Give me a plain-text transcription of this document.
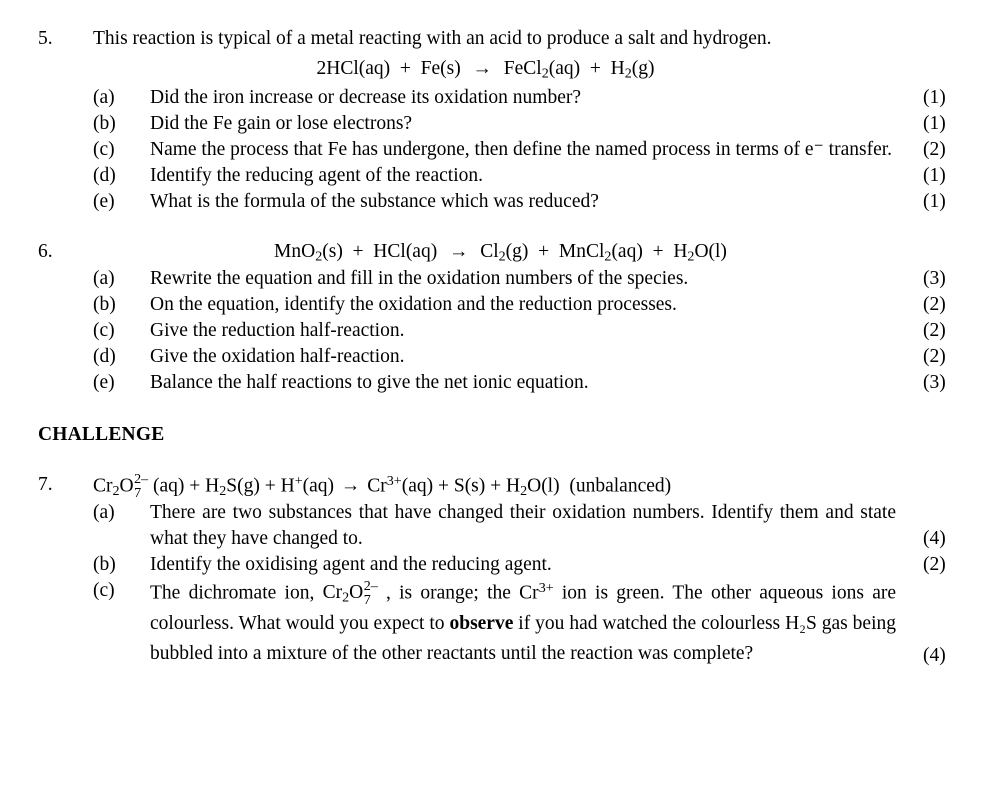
5.	This reaction is typical of a metal reacting with an acid to produce a salt and hydrogen.
2HCl(aq)  +  Fe(s)  →  FeCl$_2$(aq)  +  $H_2(g)$
(a)	Did the iron increase or decrease its oxidation number?	(1)
(b)	Did the Fe gain or lose electrons?	(1)
(c)	Name the process that Fe has undergone, then define the named process in terms of e⁻ transfer.	(2)
(d)	Identify the reducing agent of the reaction.	(1)
(e)	What is the formula of the substance which was reduced?	(1)
6.	$MnO_2(s) + HCl(aq) \to Cl_2(g)$  +  MnCl$_2$(aq)  +  $H_2O(l)$
(a)	Rewrite the equation and fill in the oxidation numbers of the species.	(3)
(b)	On the equation, identify the oxidation and the reduction processes.	(2)
(c)	Give the reduction half-reaction.	(2)
(d)	Give the oxidation half-reaction.	(2)
(e)	Balance the half reactions to give the net ionic equation.	(3)
CHALLENGE
7.	$Cr_2O$ 2–
7 $(aq) + H_2S(g) + H^+(aq) \to Cr^{3+}(aq) + S(s) + H_2O(l)$  (unbalanced)
(a)	There are two substances that have changed their oxidation numbers. Identify them and state what they have changed to.	(4)
(b)	Identify the oxidising agent and the reducing agent.	(2)
(c)	The dichromate ion, $Cr_2O$ 2–
7 , is orange; the $Cr^{3+}$ ion is green. The other aqueous ions are colourless. What would you expect to observe if you had watched the colourless H₂S gas being bubbled into a mixture of the other reactants until the reaction was complete?	(4)
